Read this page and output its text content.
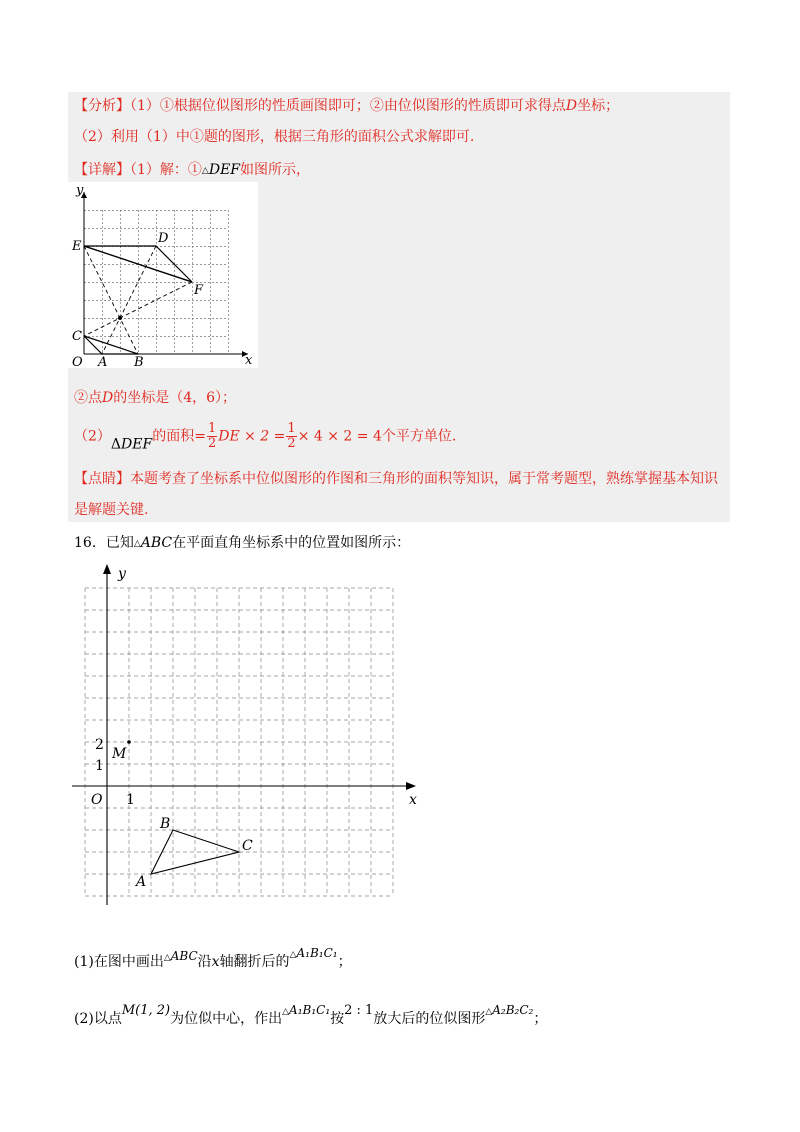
【分析】（1）①根据位似图形的性质画图即可；②由位似图形的性质即可求得点D坐标；
（2）利用（1）中①题的图形，根据三角形的面积公式求解即可.
【详解】（1）解：①△DEF如图所示，
y
x
O A B
C
D
E
F
②点D的坐标是（4，6）；
（2）ΔDEF的面积= $\frac{1}{2}$ DE × $2 = \frac{1}{2} \times 4 \times 2 = 4$个平方单位.
【点睛】本题考查了坐标系中位似图形的作图和三角形的面积等知识，属于常考题型，熟练掌握基本知识
是解题关键.
16．已知△ABC在平面直角坐标系中的位置如图所示：
y
x
O 1
1
2
M
A
B
C
(1)在图中画出△ABC沿x轴翻折后的△A₁B₁C₁；
(2)以点M(1, 2)为位似中心，作出△A₁B₁C₁按2 : 1放大后的位似图形△A₂B₂C₂；
